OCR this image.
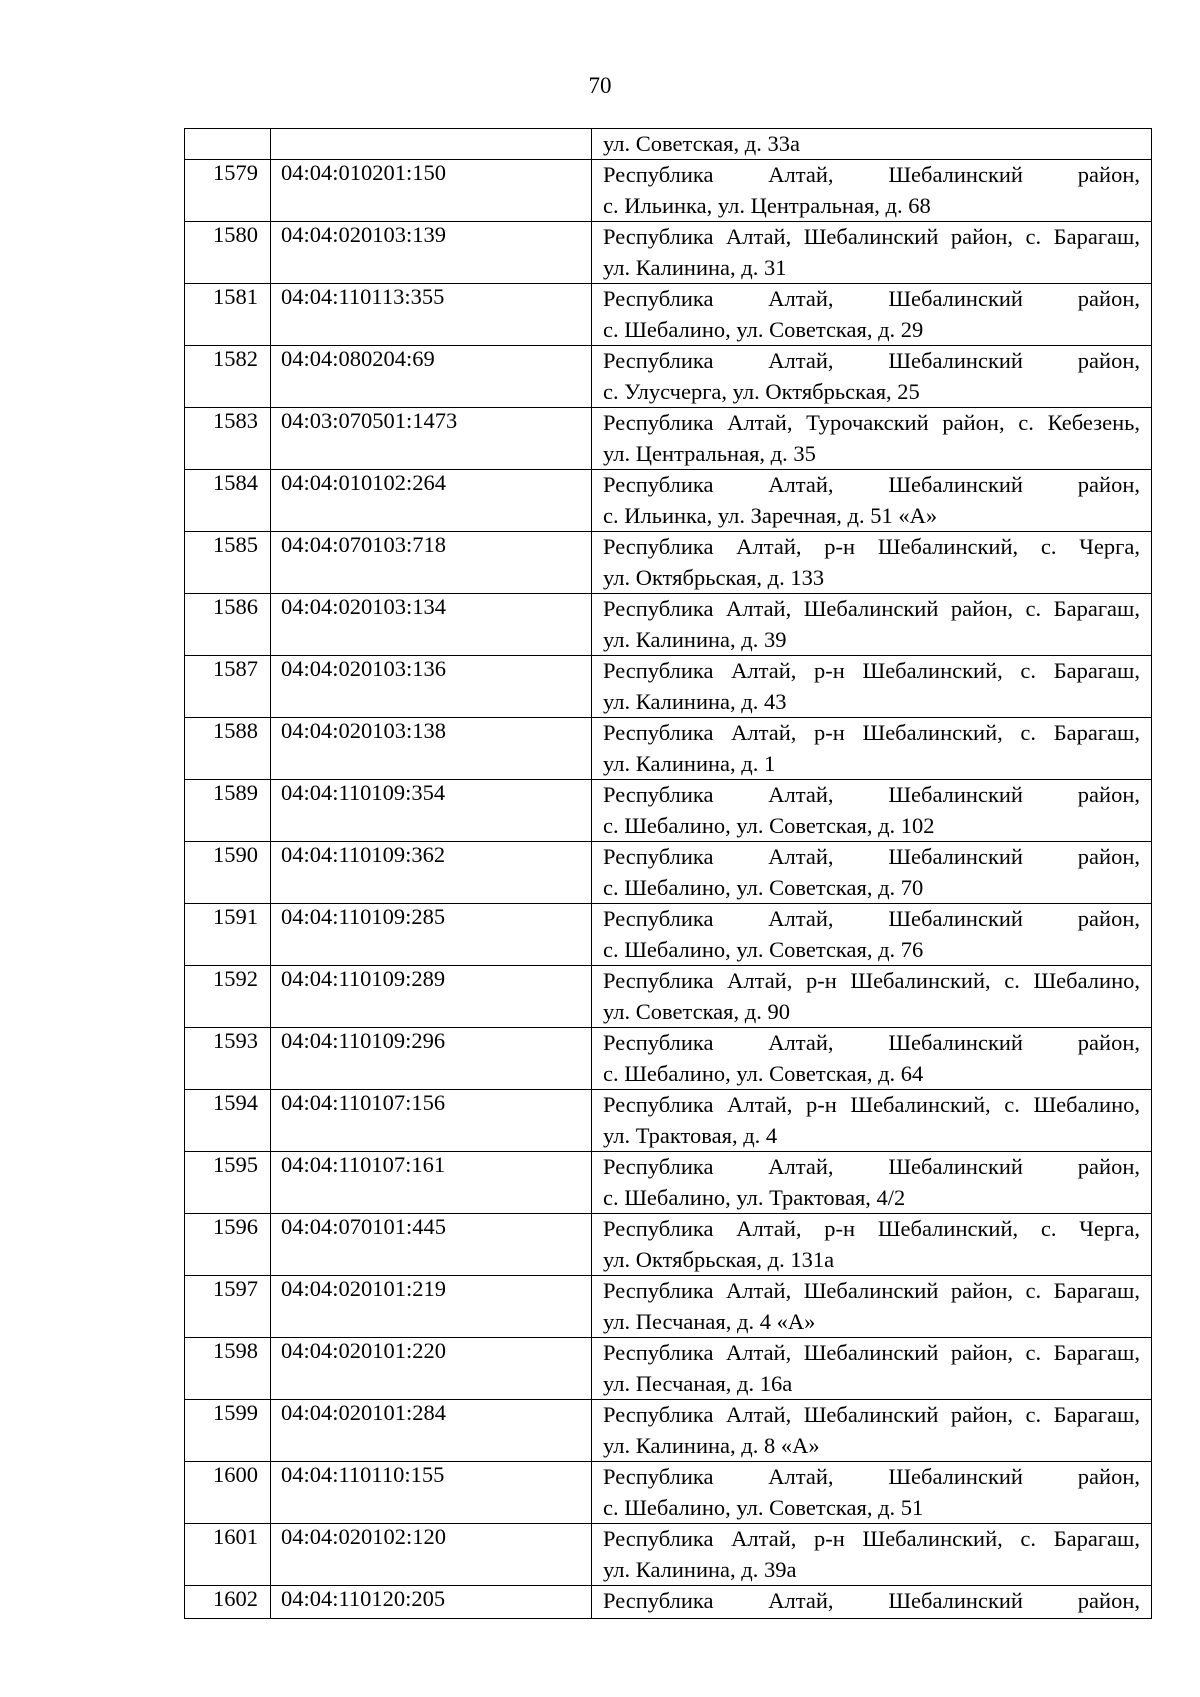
70

		ул. Советская, д. 33а

1579	04:04:010201:150	Республика Алтай, Шебалинский район,
с. Ильинка, ул. Центральная, д. 68

1580	04:04:020103:139	Республика Алтай, Шебалинский район, с. Барагаш,
ул. Калинина, д. 31

1581	04:04:110113:355	Республика Алтай, Шебалинский район,
с. Шебалино, ул. Советская, д. 29

1582	04:04:080204:69	Республика Алтай, Шебалинский район,
с. Улусчерга, ул. Октябрьская, 25

1583	04:03:070501:1473	Республика Алтай, Турочакский район, с. Кебезень,
ул. Центральная, д. 35

1584	04:04:010102:264	Республика Алтай, Шебалинский район,
с. Ильинка, ул. Заречная, д. 51 «А»

1585	04:04:070103:718	Республика Алтай, р-н Шебалинский, с. Черга,
ул. Октябрьская, д. 133

1586	04:04:020103:134	Республика Алтай, Шебалинский район, с. Барагаш,
ул. Калинина, д. 39

1587	04:04:020103:136	Республика Алтай, р-н Шебалинский, с. Барагаш,
ул. Калинина, д. 43

1588	04:04:020103:138	Республика Алтай, р-н Шебалинский, с. Барагаш,
ул. Калинина, д. 1

1589	04:04:110109:354	Республика Алтай, Шебалинский район,
с. Шебалино, ул. Советская, д. 102

1590	04:04:110109:362	Республика Алтай, Шебалинский район,
с. Шебалино, ул. Советская, д. 70

1591	04:04:110109:285	Республика Алтай, Шебалинский район,
с. Шебалино, ул. Советская, д. 76

1592	04:04:110109:289	Республика Алтай, р-н Шебалинский, с. Шебалино,
ул. Советская, д. 90

1593	04:04:110109:296	Республика Алтай, Шебалинский район,
с. Шебалино, ул. Советская, д. 64

1594	04:04:110107:156	Республика Алтай, р-н Шебалинский, с. Шебалино,
ул. Трактовая, д. 4

1595	04:04:110107:161	Республика Алтай, Шебалинский район,
с. Шебалино, ул. Трактовая, 4/2

1596	04:04:070101:445	Республика Алтай, р-н Шебалинский, с. Черга,
ул. Октябрьская, д. 131а

1597	04:04:020101:219	Республика Алтай, Шебалинский район, с. Барагаш,
ул. Песчаная, д. 4 «А»

1598	04:04:020101:220	Республика Алтай, Шебалинский район, с. Барагаш,
ул. Песчаная, д. 16а

1599	04:04:020101:284	Республика Алтай, Шебалинский район, с. Барагаш,
ул. Калинина, д. 8 «А»

1600	04:04:110110:155	Республика Алтай, Шебалинский район,
с. Шебалино, ул. Советская, д. 51

1601	04:04:020102:120	Республика Алтай, р-н Шебалинский, с. Барагаш,
ул. Калинина, д. 39а

1602	04:04:110120:205	Республика Алтай, Шебалинский район,
